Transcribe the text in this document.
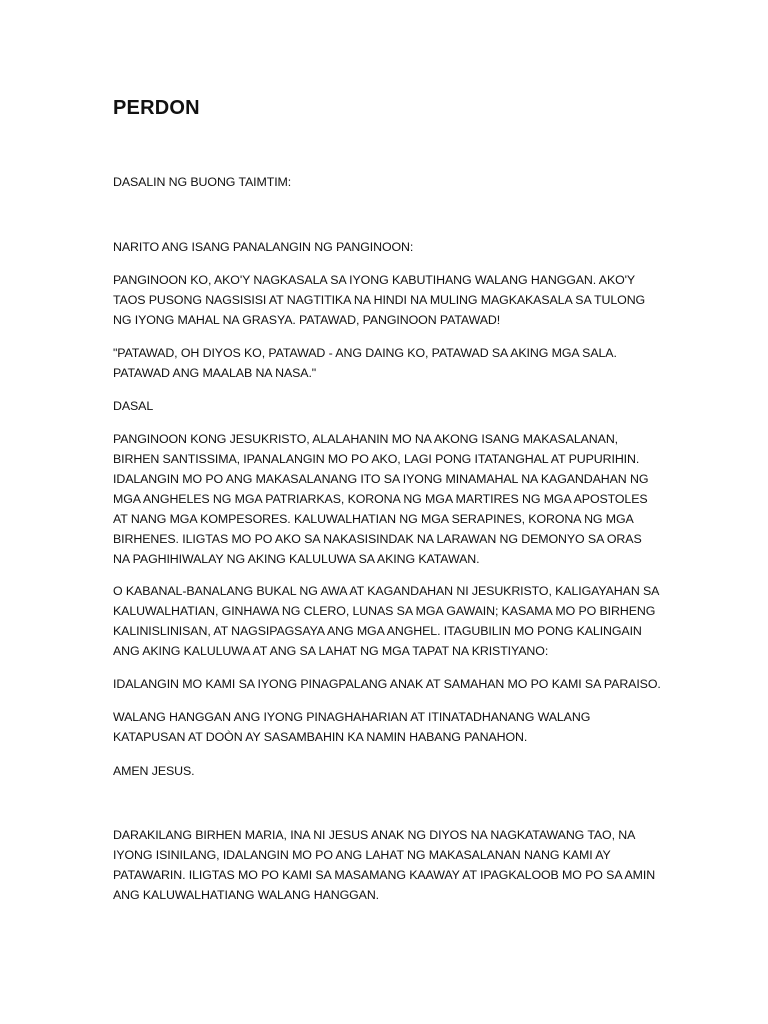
PERDON

DASALIN NG BUONG TAIMTIM:

NARITO ANG ISANG PANALANGIN NG PANGINOON:

PANGINOON KO, AKO'Y NAGKASALA SA IYONG KABUTIHANG WALANG HANGGAN. AKO'Y TAOS PUSONG NAGSISISI AT NAGTITIKA NA HINDI NA MULING MAGKAKASALA SA TULONG NG IYONG MAHAL NA GRASYA. PATAWAD, PANGINOON PATAWAD!

"PATAWAD, OH DIYOS KO, PATAWAD - ANG DAING KO, PATAWAD SA AKING MGA SALA. PATAWAD ANG MAALAB NA NASA."

DASAL

PANGINOON KONG JESUKRISTO, ALALAHANIN MO NA AKONG ISANG MAKASALANAN, BIRHEN SANTISSIMA, IPANALANGIN MO PO AKO, LAGI PONG ITATANGHAL AT PUPURIHIN. IDALANGIN MO PO ANG MAKASALANANG ITO SA IYONG MINAMAHAL NA KAGANDAHAN NG MGA ANGHELES NG MGA PATRIARKAS, KORONA NG MGA MARTIRES NG MGA APOSTOLES AT NANG MGA KOMPESORES. KALUWALHATIAN NG MGA SERAPINES, KORONA NG MGA BIRHENES. ILIGTAS MO PO AKO SA NAKASISINDAK NA LARAWAN NG DEMONYO SA ORAS NA PAGHIHIWALAY NG AKING KALULUWA SA AKING KATAWAN.

O KABANAL-BANALANG BUKAL NG AWA AT KAGANDAHAN NI JESUKRISTO, KALIGAYAHAN SA KALUWALHATIAN, GINHAWA NG CLERO, LUNAS SA MGA GAWAIN; KASAMA MO PO BIRHENG KALINISLINISAN, AT NAGSIPAGSAYA ANG MGA ANGHEL. ITAGUBILIN MO PONG KALINGAIN ANG AKING KALULUWA AT ANG SA LAHAT NG MGA TAPAT NA KRISTIYANO:

IDALANGIN MO KAMI SA IYONG PINAGPALANG ANAK AT SAMAHAN MO PO KAMI SA PARAISO.

WALANG HANGGAN ANG IYONG PINAGHAHARIAN AT ITINATADHANANG WALANG KATAPUSAN AT DOÒN AY SASAMBAHIN KA NAMIN HABANG PANAHON.

AMEN JESUS.

DARAKILANG BIRHEN MARIA, INA NI JESUS ANAK NG DIYOS NA NAGKATAWANG TAO, NA IYONG ISINILANG, IDALANGIN MO PO ANG LAHAT NG MAKASALANAN NANG KAMI AY PATAWARIN. ILIGTAS MO PO KAMI SA MASAMANG KAAWAY AT IPAGKALOOB MO PO SA AMIN ANG KALUWALHATIANG WALANG HANGGAN.
